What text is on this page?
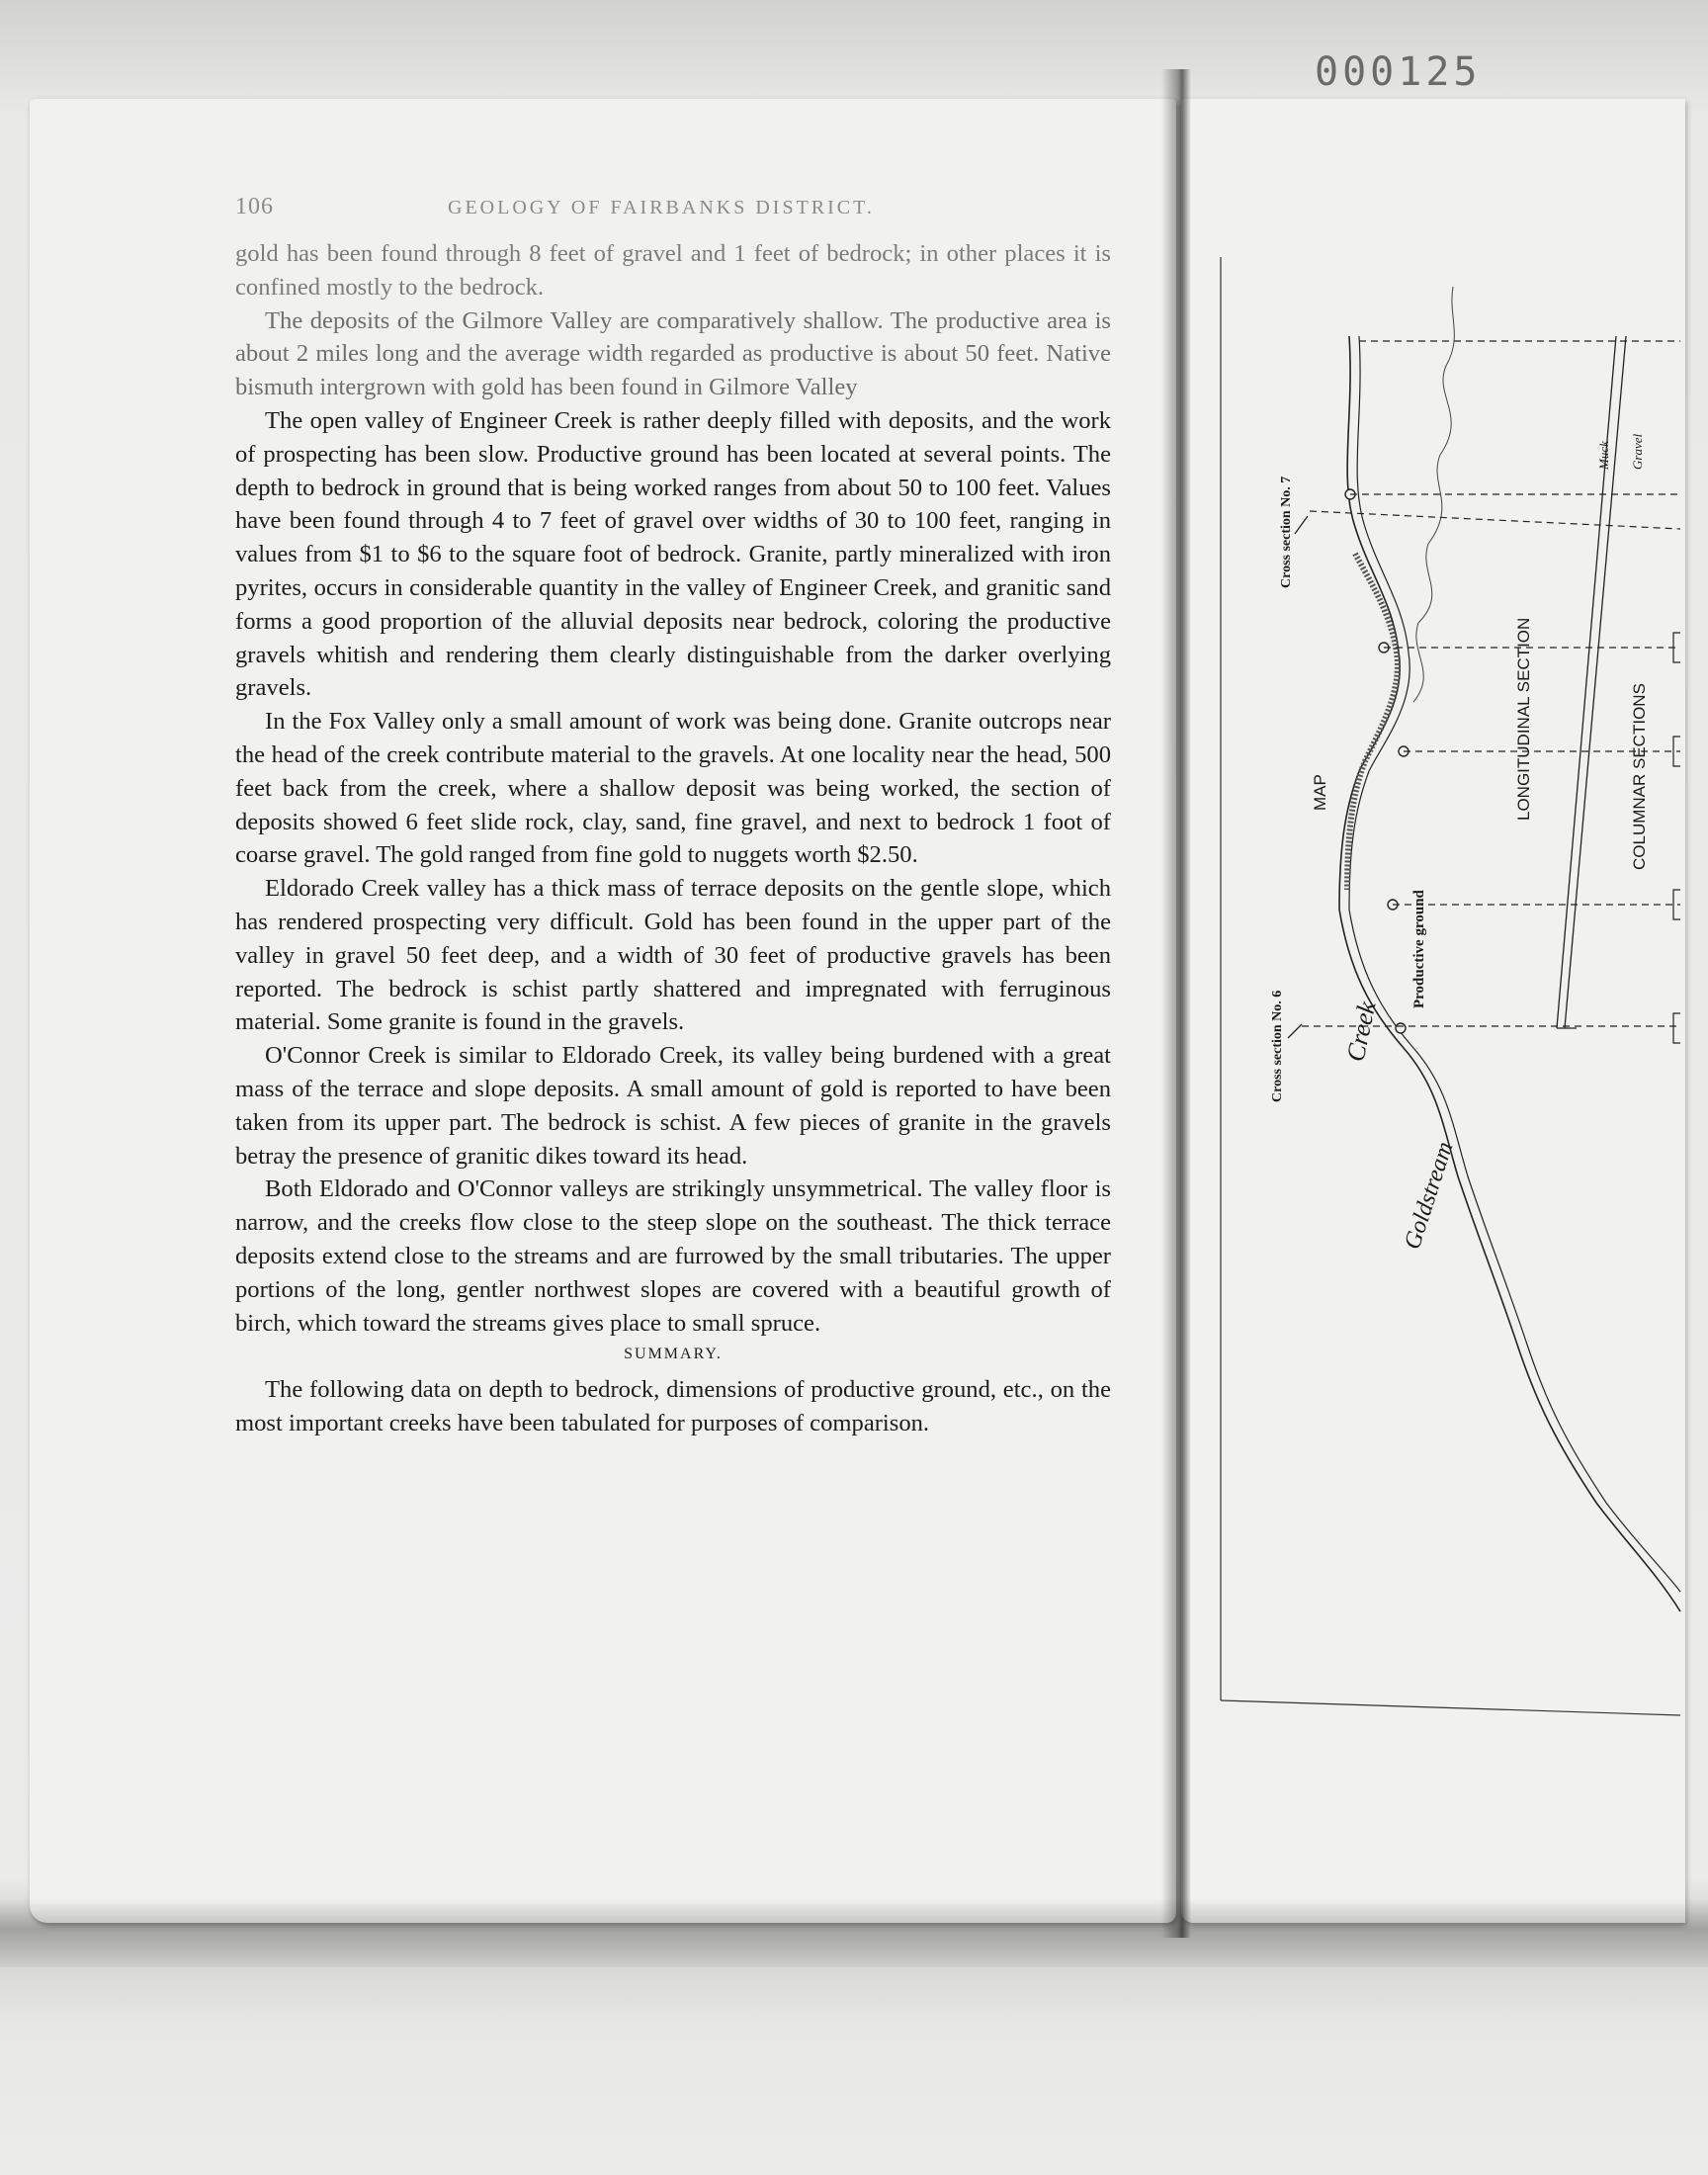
000125
106	GEOLOGY OF FAIRBANKS DISTRICT.

gold has been found through 8 feet of gravel and 1 feet of bedrock; in other places it is confined mostly to the bedrock.

The deposits of the Gilmore Valley are comparatively shallow. The productive area is about 2 miles long and the average width regarded as productive is about 50 feet. Native bismuth intergrown with gold has been found in Gilmore Valley

The open valley of Engineer Creek is rather deeply filled with deposits, and the work of prospecting has been slow. Productive ground has been located at several points. The depth to bedrock in ground that is being worked ranges from about 50 to 100 feet. Values have been found through 4 to 7 feet of gravel over widths of 30 to 100 feet, ranging in values from $1 to $6 to the square foot of bedrock. Granite, partly mineralized with iron pyrites, occurs in considerable quantity in the valley of Engineer Creek, and granitic sand forms a good proportion of the alluvial deposits near bedrock, coloring the productive gravels whitish and rendering them clearly distinguishable from the darker overlying gravels.

In the Fox Valley only a small amount of work was being done. Granite outcrops near the head of the creek contribute material to the gravels. At one locality near the head, 500 feet back from the creek, where a shallow deposit was being worked, the section of deposits showed 6 feet slide rock, clay, sand, fine gravel, and next to bedrock 1 foot of coarse gravel. The gold ranged from fine gold to nuggets worth $2.50.

Eldorado Creek valley has a thick mass of terrace deposits on the gentle slope, which has rendered prospecting very difficult. Gold has been found in the upper part of the valley in gravel 50 feet deep, and a width of 30 feet of productive gravels has been reported. The bedrock is schist partly shattered and impregnated with ferruginous material. Some granite is found in the gravels.

O'Connor Creek is similar to Eldorado Creek, its valley being burdened with a great mass of the terrace and slope deposits. A small amount of gold is reported to have been taken from its upper part. The bedrock is schist. A few pieces of granite in the gravels betray the presence of granitic dikes toward its head.

Both Eldorado and O'Connor valleys are strikingly unsymmetrical. The valley floor is narrow, and the creeks flow close to the steep slope on the southeast. The thick terrace deposits extend close to the streams and are furrowed by the small tributaries. The upper portions of the long, gentler northwest slopes are covered with a beautiful growth of birch, which toward the streams gives place to small spruce.

SUMMARY.

The following data on depth to bedrock, dimensions of productive ground, etc., on the most important creeks have been tabulated for purposes of comparison.

MAP	LONGITUDINAL SECTION	COLUMNAR SECTIONS
Cross section No. 7
Cross section No. 6 Creek
Goldstream
Productive ground
Muck Gravel
